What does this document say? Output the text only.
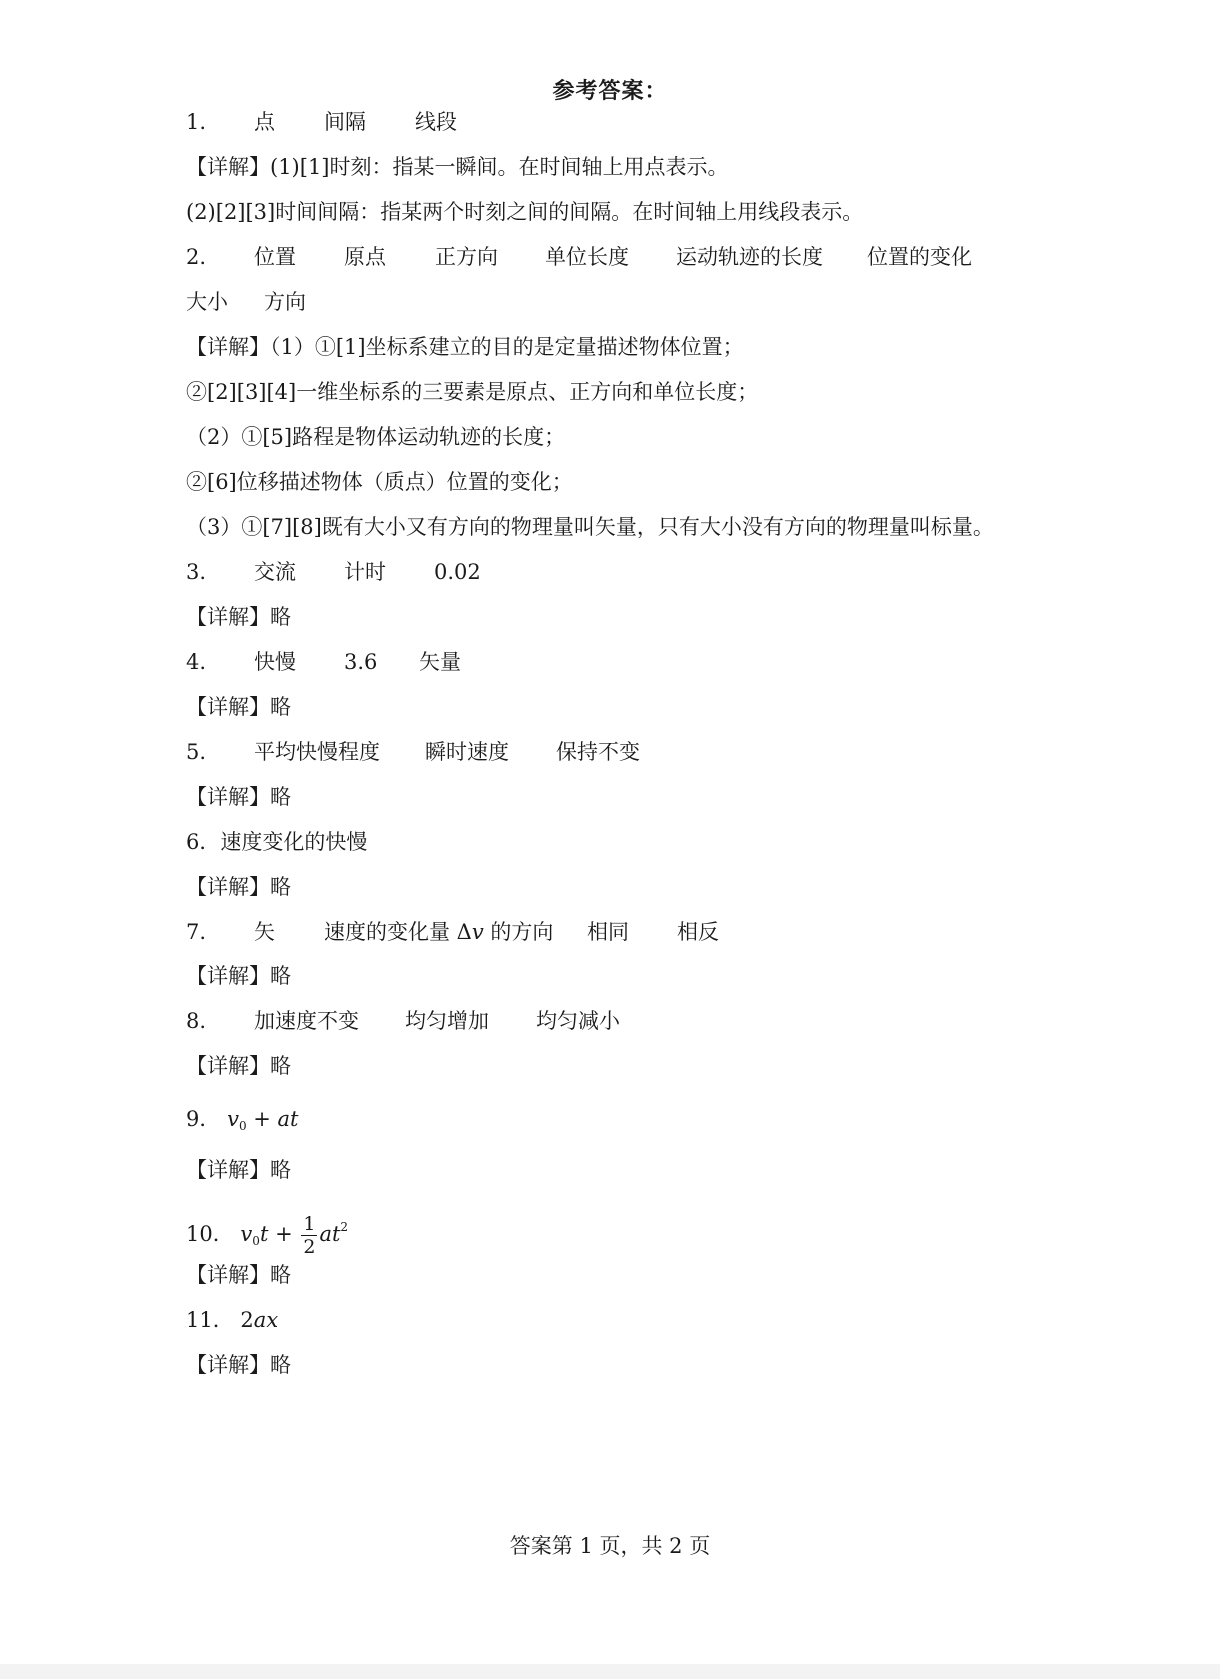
参考答案：
1. 点 间隔 线段
【详解】(1)[1]时刻：指某一瞬间。在时间轴上用点表示。
(2)[2][3]时间间隔：指某两个时刻之间的间隔。在时间轴上用线段表示。
2. 位置 原点 正方向 单位长度 运动轨迹的长度 位置的变化
大小 方向
【详解】（1）①[1]坐标系建立的目的是定量描述物体位置；
②[2][3][4]一维坐标系的三要素是原点、正方向和单位长度；
（2）①[5]路程是物体运动轨迹的长度；
②[6]位移描述物体（质点）位置的变化；
（3）①[7][8]既有大小又有方向的物理量叫矢量，只有大小没有方向的物理量叫标量。
3. 交流 计时 0.02
【详解】略
4. 快慢 3.6 矢量
【详解】略
5. 平均快慢程度 瞬时速度 保持不变
【详解】略
6．速度变化的快慢
【详解】略
7. 矢 速度的变化量 Δv 的方向 相同 相反
【详解】略
8. 加速度不变 均匀增加 均匀减小
【详解】略
9． $v_0$ + at
【详解】略
10． $v_0t + \frac{1}{2} at^2$
【详解】略
11． 2ax
【详解】略
答案第 1 页，共 2 页
